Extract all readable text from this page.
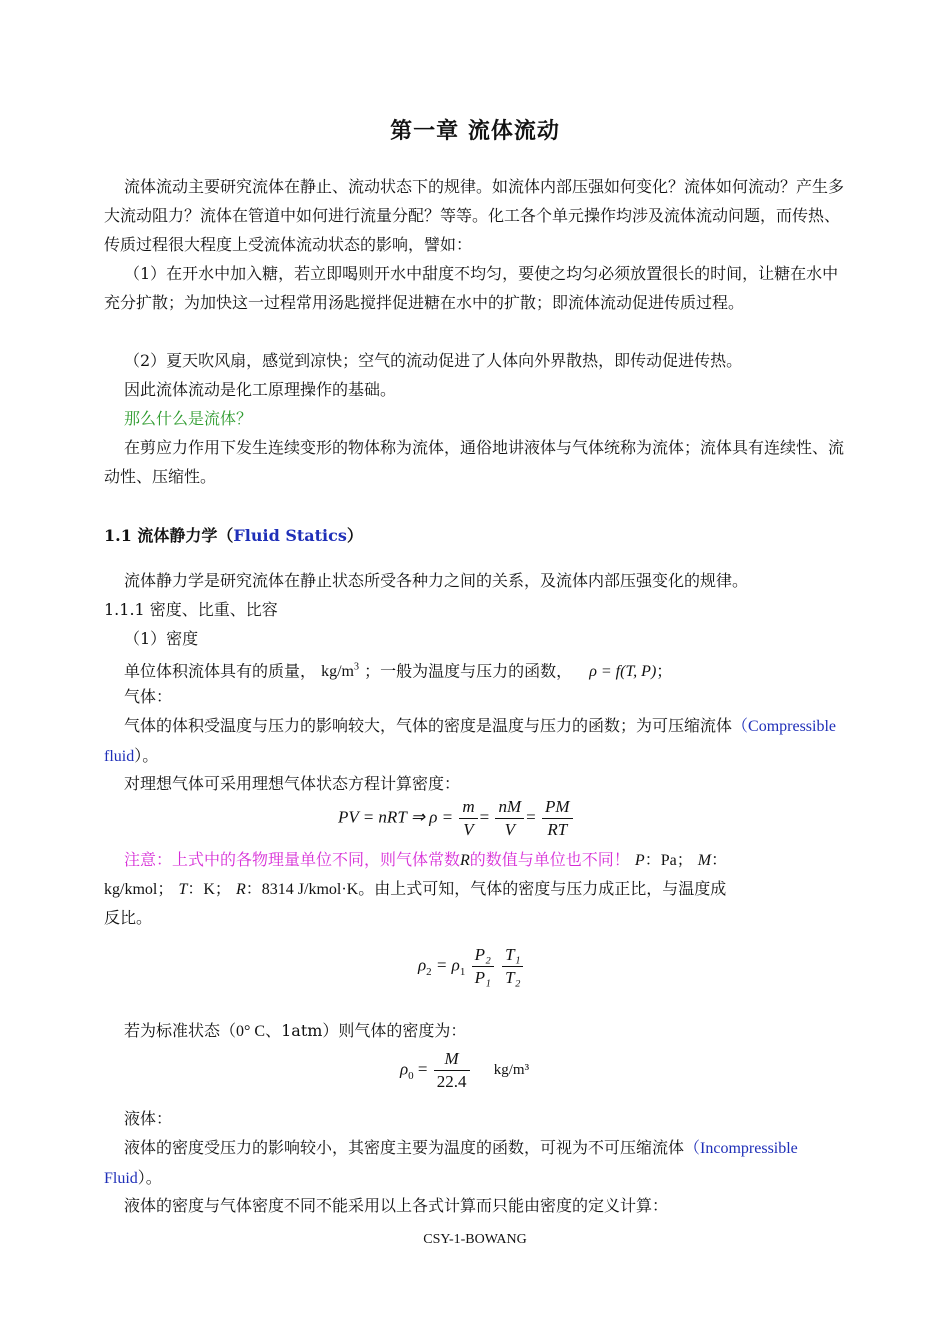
第一章 流体流动

流体流动主要研究流体在静止、流动状态下的规律。如流体内部压强如何变化？流体如何流动？产生多大流动阻力？流体在管道中如何进行流量分配？等等。化工各个单元操作均涉及流体流动问题，而传热、传质过程很大程度上受流体流动状态的影响，譬如：

（1）在开水中加入糖，若立即喝则开水中甜度不均匀，要使之均匀必须放置很长的时间，让糖在水中充分扩散；为加快这一过程常用汤匙搅拌促进糖在水中的扩散；即流体流动促进传质过程。

（2）夏天吹风扇，感觉到凉快；空气的流动促进了人体向外界散热，即传动促进传热。

因此流体流动是化工原理操作的基础。

那么什么是流体？

在剪应力作用下发生连续变形的物体称为流体，通俗地讲液体与气体统称为流体；流体具有连续性、流动性、压缩性。

1.1 流体静力学（Fluid Statics）

流体静力学是研究流体在静止状态所受各种力之间的关系，及流体内部压强变化的规律。

1.1.1 密度、比重、比容

（1）密度

单位体积流体具有的质量， $kg/m^3$ ；一般为温度与压力的函数， ρ = f(T, P)；

气体：

气体的体积受温度与压力的影响较大，气体的密度是温度与压力的函数；为可压缩流体（Compressible fluid）。

对理想气体可采用理想气体状态方程计算密度：

PV = nRT ⇒ $\rho = \frac{m}{V} = \frac{nM}{V} = \frac{PM}{RT}$

注意：上式中的各物理量单位不同，则气体常数R的数值与单位也不同！ P：Pa； M：

kg/kmol； T：K； R：8314 J/kmol·K。由上式可知，气体的密度与压力成正比，与温度成

反比。

$\rho_2 = \rho_1 \frac{\text{P₂}}{\text{P₁}}$
$\frac{\text{T₁}}{\text{T₂}}$

若为标准状态（0° C、1atm）则气体的密度为：

$\rho_0 = \frac{M}{22.4} kg/m^3$

液体：

液体的密度受压力的影响较小，其密度主要为温度的函数，可视为不可压缩流体（Incompressible Fluid）。

液体的密度与气体密度不同不能采用以上各式计算而只能由密度的定义计算：

CSY-1-BOWANG
